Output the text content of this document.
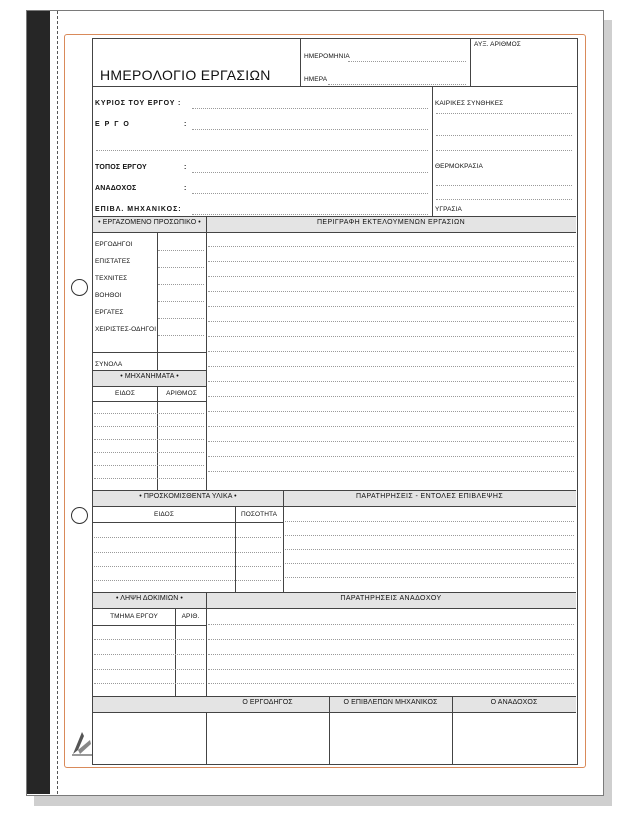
ΗΜΕΡΟΛΟΓΙΟ ΕΡΓΑΣΙΩΝ
ΗΜΕΡΟΜΗΝΙΑ
ΗΜΕΡΑ
ΑΥΞ. ΑΡΙΘΜΟΣ
ΚΥΡΙΟΣ ΤΟΥ ΕΡΓΟΥ :
Ε Ρ Γ Ο	:
ΤΟΠΟΣ ΕΡΓΟΥ	:
ΑΝΑΔΟΧΟΣ	:
ΕΠΙΒΛ. ΜΗΧΑΝΙΚΟΣ:
ΚΑΙΡΙΚΕΣ ΣΥΝΘΗΚΕΣ
ΘΕΡΜΟΚΡΑΣΙΑ
ΥΓΡΑΣΙΑ
• ΕΡΓΑΖΟΜΕΝΟ ΠΡΟΣΩΠΙΚΟ •	ΠΕΡΙΓΡΑΦΗ ΕΚΤΕΛΟΥΜΕΝΩΝ ΕΡΓΑΣΙΩΝ
ΕΡΓΟΔΗΓΟΙ
ΕΠΙΣΤΑΤΕΣ
ΤΕΧΝΙΤΕΣ
ΒΟΗΘΟΙ
ΕΡΓΑΤΕΣ
ΧΕΙΡΙΣΤΕΣ-ΟΔΗΓΟΙ
ΣΥΝΟΛΑ
• ΜΗΧΑΝΗΜΑΤΑ •
ΕΙΔΟΣ	ΑΡΙΘΜΟΣ
• ΠΡΟΣΚΟΜΙΣΘΕΝΤΑ ΥΛΙΚΑ •	ΠΑΡΑΤΗΡΗΣΕΙΣ - ΕΝΤΟΛΕΣ ΕΠΙΒΛΕΨΗΣ
ΕΙΔΟΣ	ΠΟΣΟΤΗΤΑ
• ΛΗΨΗ ΔΟΚΙΜΙΩΝ •	ΠΑΡΑΤΗΡΗΣΕΙΣ ΑΝΑΔΟΧΟΥ
ΤΜΗΜΑ ΕΡΓΟΥ	ΑΡΙΘ.
Ο ΕΡΓΟΔΗΓΟΣ	Ο ΕΠΙΒΛΕΠΩΝ ΜΗΧΑΝΙΚΟΣ	Ο ΑΝΑΔΟΧΟΣ
